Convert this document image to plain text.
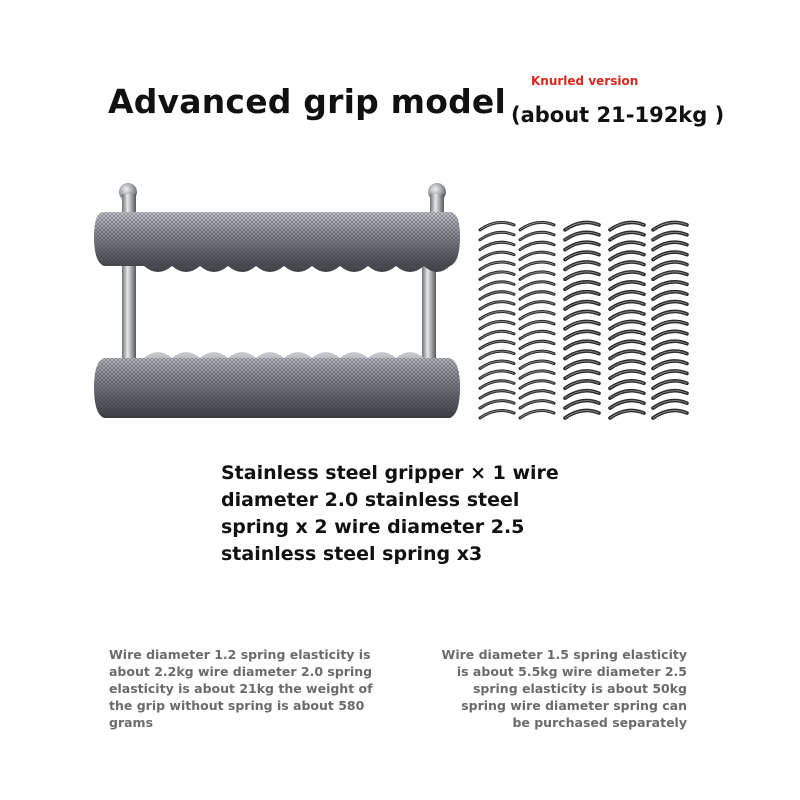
Advanced grip model
Knurled version
(about 21-192kg )

Stainless steel gripper × 1 wire
diameter 2.0 stainless steel
spring x 2 wire diameter 2.5
stainless steel spring x3

Wire diameter 1.2 spring elasticity is
about 2.2kg wire diameter 2.0 spring
elasticity is about 21kg the weight of
the grip without spring is about 580
grams

Wire diameter 1.5 spring elasticity
is about 5.5kg wire diameter 2.5
spring elasticity is about 50kg
spring wire diameter spring can
be purchased separately
